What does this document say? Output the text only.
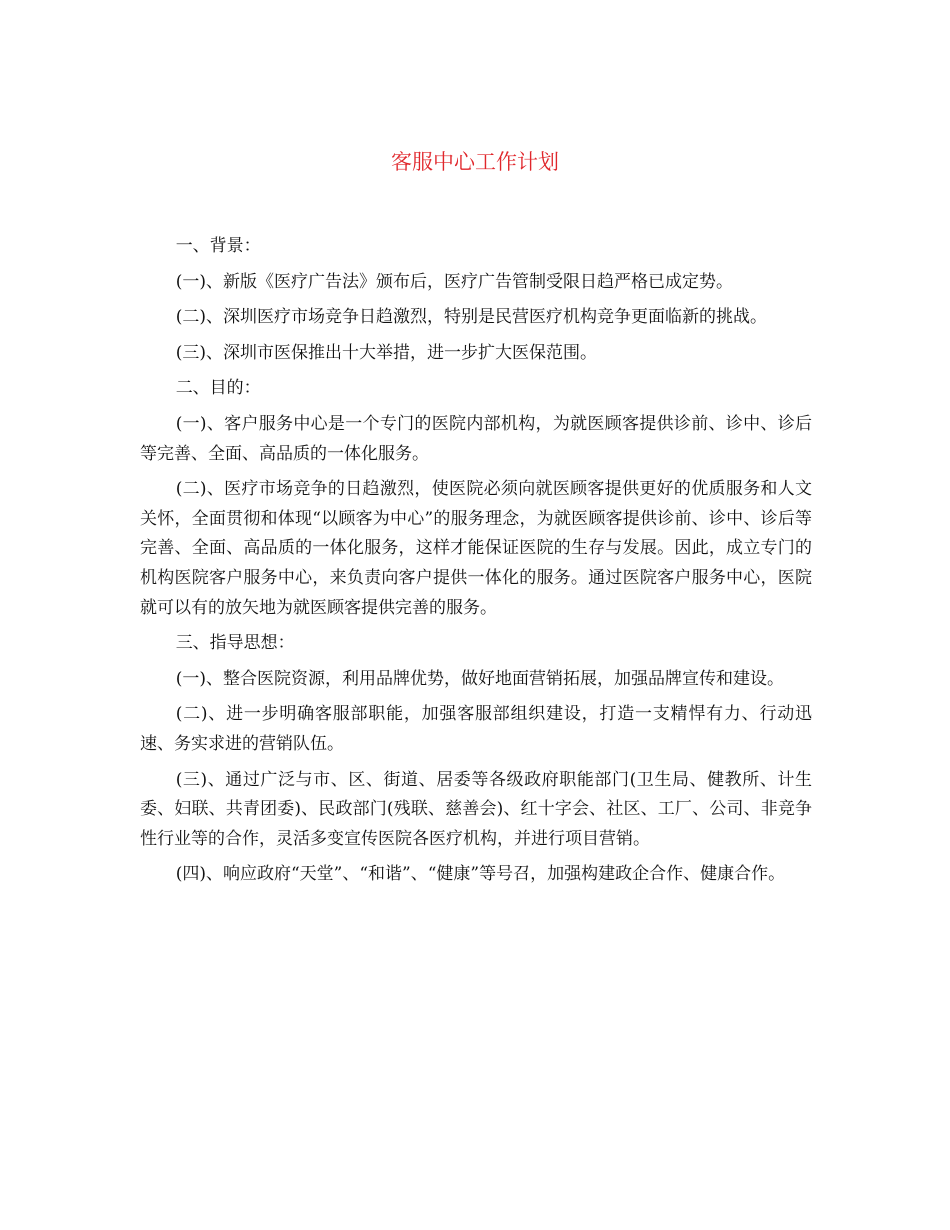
客服中心工作计划

一、背景：

(一)、新版《医疗广告法》颁布后，医疗广告管制受限日趋严格已成定势。

(二)、深圳医疗市场竞争日趋激烈，特别是民营医疗机构竞争更面临新的挑战。

(三)、深圳市医保推出十大举措，进一步扩大医保范围。

二、目的：

(一)、客户服务中心是一个专门的医院内部机构，为就医顾客提供诊前、诊中、诊后等完善、全面、高品质的一体化服务。

(二)、医疗市场竞争的日趋激烈，使医院必须向就医顾客提供更好的优质服务和人文关怀，全面贯彻和体现“以顾客为中心”的服务理念，为就医顾客提供诊前、诊中、诊后等完善、全面、高品质的一体化服务，这样才能保证医院的生存与发展。因此，成立专门的机构医院客户服务中心，来负责向客户提供一体化的服务。通过医院客户服务中心，医院就可以有的放矢地为就医顾客提供完善的服务。

三、指导思想：

(一)、整合医院资源，利用品牌优势，做好地面营销拓展，加强品牌宣传和建设。

(二)、进一步明确客服部职能，加强客服部组织建设，打造一支精悍有力、行动迅速、务实求进的营销队伍。

(三)、通过广泛与市、区、街道、居委等各级政府职能部门(卫生局、健教所、计生委、妇联、共青团委)、民政部门(残联、慈善会)、红十字会、社区、工厂、公司、非竞争性行业等的合作，灵活多变宣传医院各医疗机构，并进行项目营销。

(四)、响应政府“天堂”、“和谐”、“健康”等号召，加强构建政企合作、健康合作。
